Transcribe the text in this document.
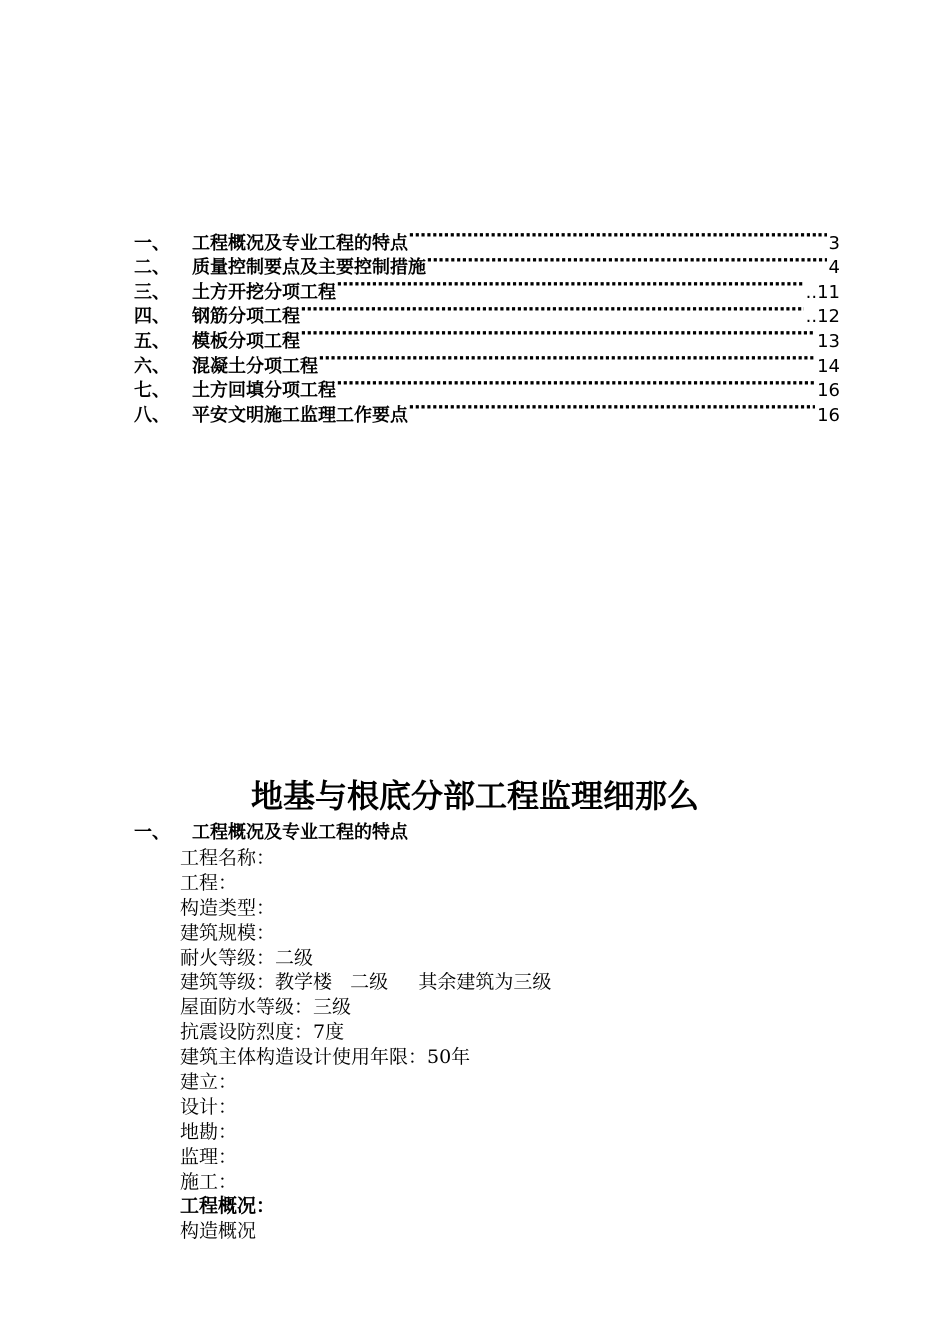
一、	工程概况及专业工程的特点 ·····	3
二、	质量控制要点及主要控制措施 ·····	4
三、	土方开挖分项工程 ·····	..11
四、	钢筋分项工程 ·····	..12
五、	模板分项工程 ·····	13
六、	混凝土分项工程 ·····	14
七、	土方回填分项工程 ·····	16
八、	平安文明施工监理工作要点 ·····	16
地基与根底分部工程监理细那么
一、 工程概况及专业工程的特点
工程名称：
工程：
构造类型：
建筑规模：
耐火等级：二级
建筑等级：教学楼   二级     其余建筑为三级
屋面防水等级：三级
抗震设防烈度：7度
建筑主体构造设计使用年限：50年
建立：
设计：
地勘：
监理：
施工：
工程概况：
构造概况
